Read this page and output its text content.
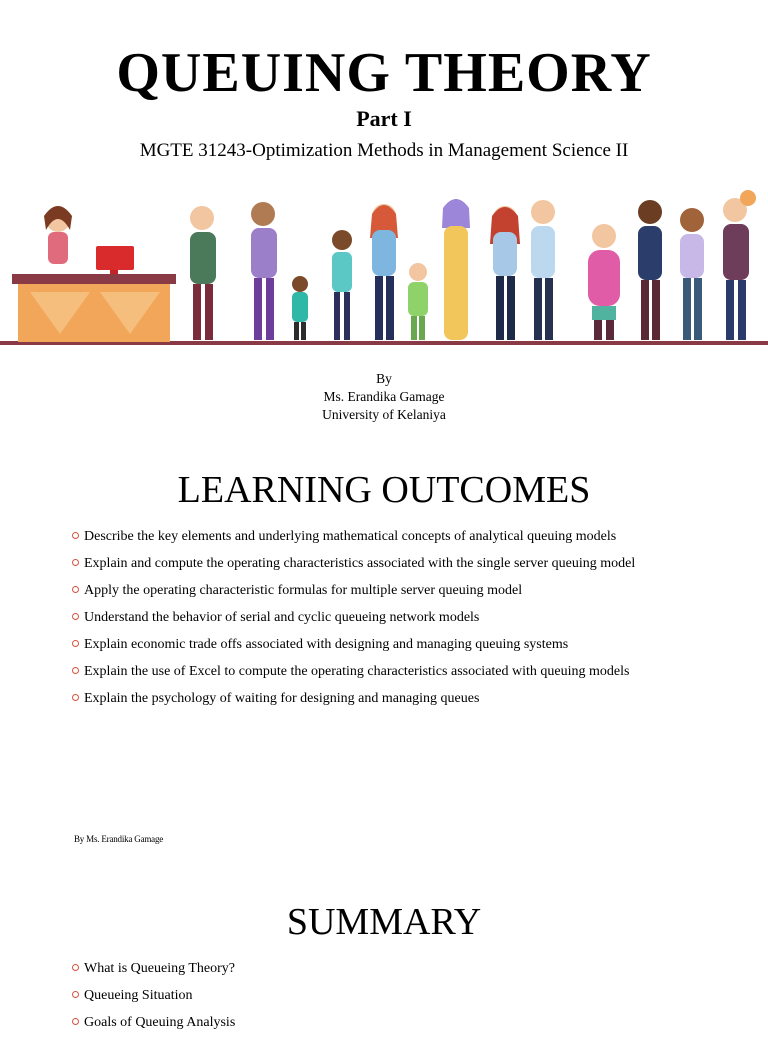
QUEUING THEORY
Part I
MGTE 31243-Optimization Methods in Management Science II
By
Ms. Erandika Gamage
University of Kelaniya
LEARNING OUTCOMES
Describe the key elements and underlying mathematical concepts of analytical queuing models
Explain and compute the operating characteristics associated with the single server queuing model
Apply the operating characteristic formulas for multiple server queuing model
Understand the behavior of serial and cyclic queueing network models
Explain economic trade offs associated with designing and managing queuing systems
Explain the use of Excel to compute the operating characteristics associated with queuing models
Explain the psychology of waiting for designing and managing queues
By Ms. Erandika Gamage
SUMMARY
What is Queueing Theory?
Queueing Situation
Goals of Queuing Analysis
